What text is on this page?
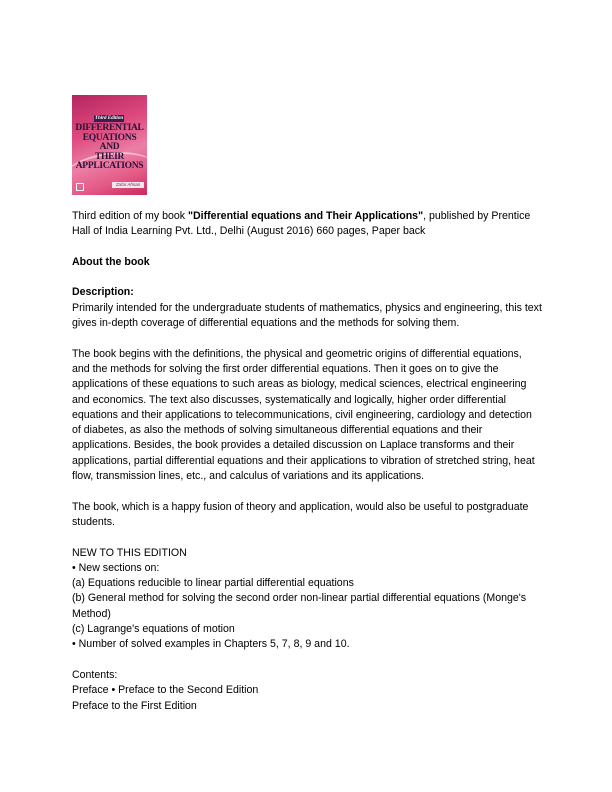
Third Edition
DIFFERENTIAL
EQUATIONS AND
THEIR
APPLICATIONS
Zafar Ahsan

Third edition of my book "Differential equations and Their Applications", published by Prentice Hall of India Learning Pvt. Ltd., Delhi (August 2016) 660 pages, Paper back

About the book

Description:

Primarily intended for the undergraduate students of mathematics, physics and engineering, this text gives in-depth coverage of differential equations and the methods for solving them.

The book begins with the definitions, the physical and geometric origins of differential equations, and the methods for solving the first order differential equations. Then it goes on to give the applications of these equations to such areas as biology, medical sciences, electrical engineering and economics. The text also discusses, systematically and logically, higher order differential equations and their applications to telecommunications, civil engineering, cardiology and detection of diabetes, as also the methods of solving simultaneous differential equations and their applications. Besides, the book provides a detailed discussion on Laplace transforms and their applications, partial differential equations and their applications to vibration of stretched string, heat flow, transmission lines, etc., and calculus of variations and its applications.

The book, which is a happy fusion of theory and application, would also be useful to postgraduate students.

NEW TO THIS EDITION

• New sections on:

(a) Equations reducible to linear partial differential equations

(b) General method for solving the second order non-linear partial differential equations (Monge's Method)

(c) Lagrange's equations of motion

• Number of solved examples in Chapters 5, 7, 8, 9 and 10.

Contents:

Preface • Preface to the Second Edition

Preface to the First Edition
